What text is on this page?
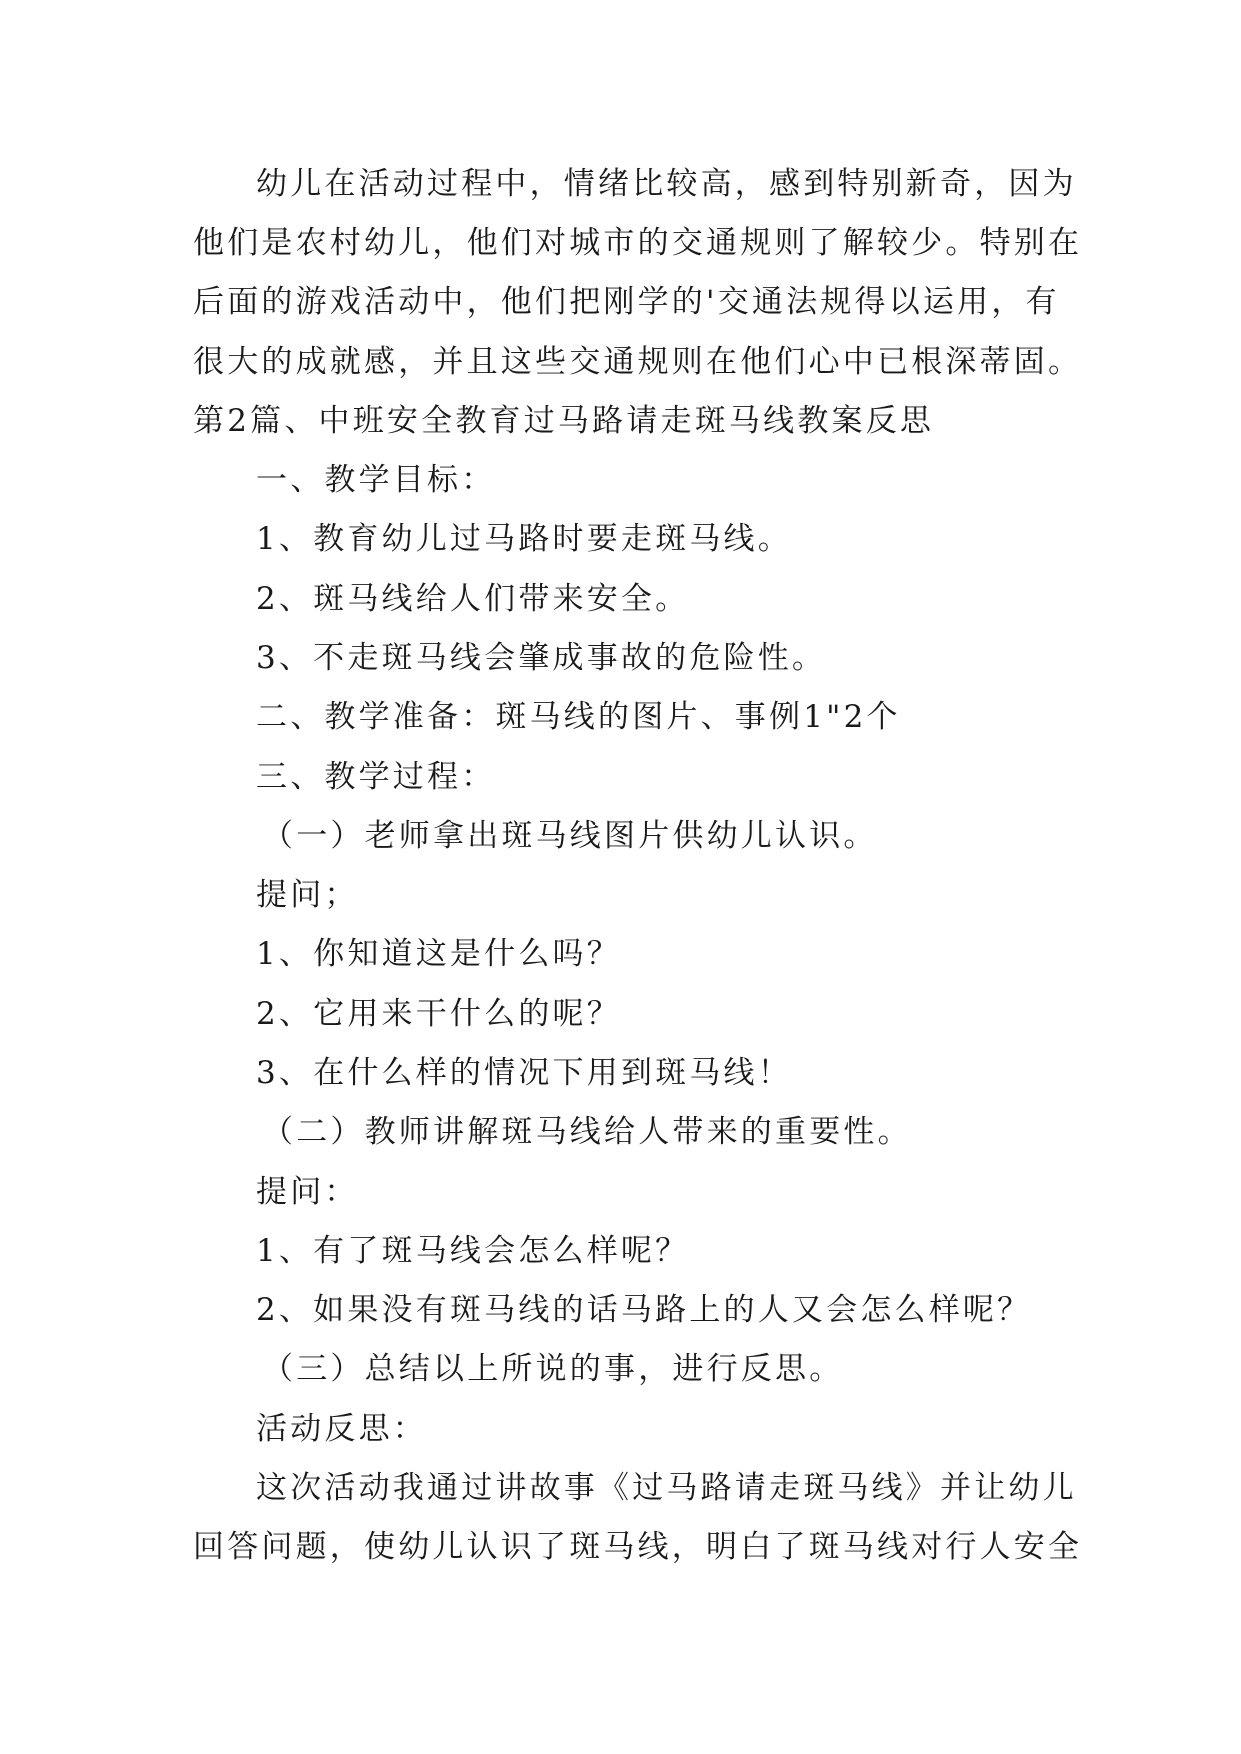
幼儿在活动过程中，情绪比较高，感到特别新奇，因为
他们是农村幼儿，他们对城市的交通规则了解较少。特别在
后面的游戏活动中，他们把刚学的'交通法规得以运用，有
很大的成就感，并且这些交通规则在他们心中已根深蒂固。
第2篇、中班安全教育过马路请走斑马线教案反思
一、教学目标：
1、教育幼儿过马路时要走斑马线。
2、斑马线给人们带来安全。
3、不走斑马线会肇成事故的危险性。
二、教学准备：斑马线的图片、事例1"2个
三、教学过程：
（一）老师拿出斑马线图片供幼儿认识。
提问；
1、你知道这是什么吗？
2、它用来干什么的呢？
3、在什么样的情况下用到斑马线！
（二）教师讲解斑马线给人带来的重要性。
提问：
1、有了斑马线会怎么样呢？
2、如果没有斑马线的话马路上的人又会怎么样呢？
（三）总结以上所说的事，进行反思。
活动反思：
这次活动我通过讲故事《过马路请走斑马线》并让幼儿
回答问题，使幼儿认识了斑马线，明白了斑马线对行人安全
